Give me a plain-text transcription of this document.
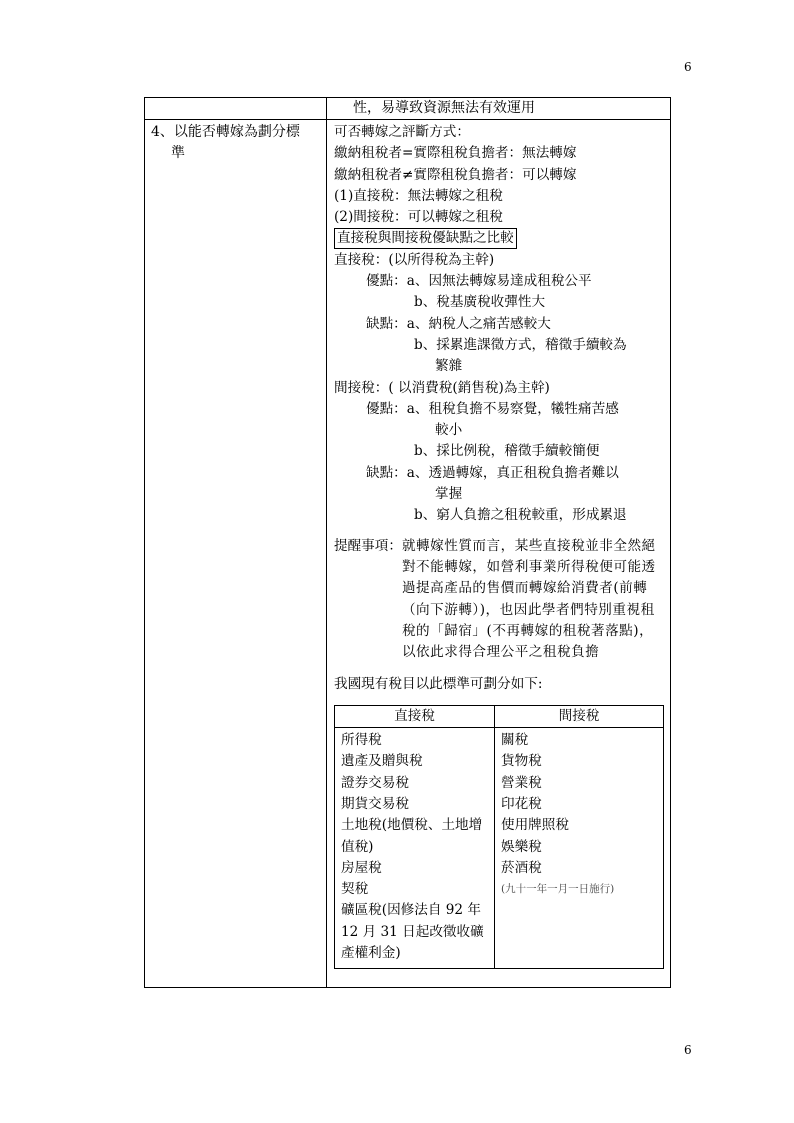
6
	性，易導致資源無法有效運用
4、以能否轉嫁為劃分標
準

可否轉嫁之評斷方式：
繳納租稅者=實際租稅負擔者：無法轉嫁
繳納租稅者≠實際租稅負擔者：可以轉嫁
(1)直接稅：無法轉嫁之租稅
(2)間接稅：可以轉嫁之租稅
直接稅與間接稅優缺點之比較
直接稅：(以所得稅為主幹)
優點：a、因無法轉嫁易達成租稅公平
b、稅基廣稅收彈性大
缺點：a、納稅人之痛苦感較大
b、採累進課徵方式，稽徵手續較為
繁雜
間接稅：( 以消費稅(銷售稅)為主幹)
優點：a、租稅負擔不易察覺，犧牲痛苦感
較小
b、採比例稅，稽徵手續較簡便
缺點：a、透過轉嫁，真正租稅負擔者難以
掌握
b、窮人負擔之租稅較重，形成累退
提醒事項： 就轉嫁性質而言，某些直接稅並非全然絕對不能轉嫁，如營利事業所得稅便可能透過提高產品的售價而轉嫁給消費者(前轉（向下游轉）)，也因此學者們特別重視租稅的「歸宿」(不再轉嫁的租稅著落點)，以依此求得合理公平之租稅負擔
我國現有稅目以此標準可劃分如下:
直接稅	間接稅

所得稅
遺產及贈與稅
證券交易稅
期貨交易稅
土地稅(地價稅、土地增值稅)
房屋稅
契稅
礦區稅(因修法自 92 年 12 月 31 日起改徵收礦產權利金)

關稅
貨物稅
營業稅
印花稅
使用牌照稅
娛樂稅
菸酒稅
(九十一年一月一日施行)
6
